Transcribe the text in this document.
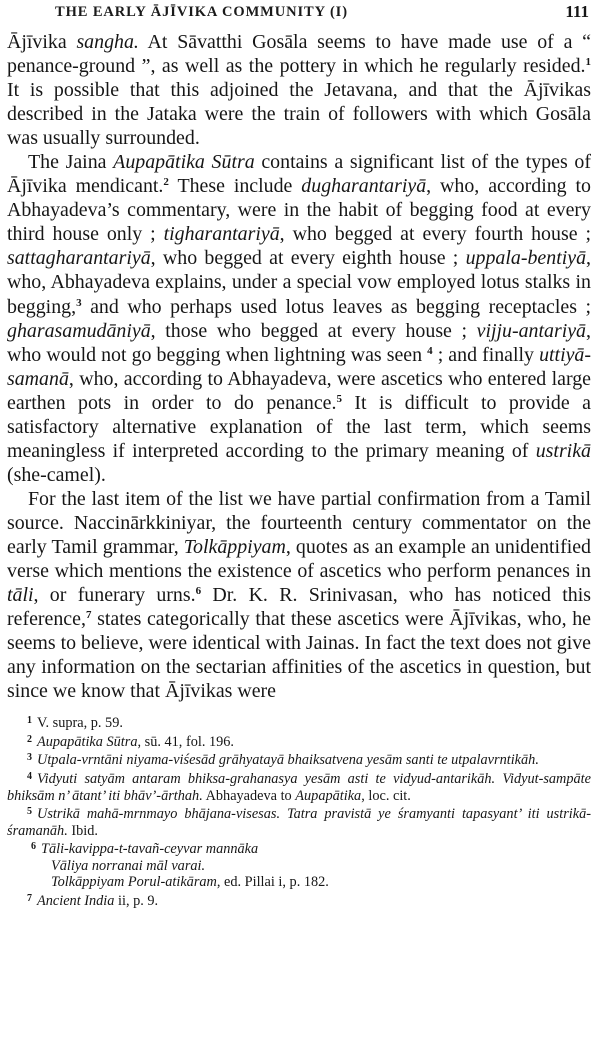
THE EARLY ĀJĪVIKA COMMUNITY (I)	111

Ājīvika sangha. At Sāvatthi Gosāla seems to have made use of a “ penance-ground ”, as well as the pottery in which he regularly resided.$^1$ It is possible that this adjoined the Jetavana, and that the Ājīvikas described in the Jataka were the train of followers with which Gosāla was usually surrounded.

The Jaina Aupapātika Sūtra contains a significant list of the types of Ājīvika mendicant.$^2$ These include dugharantariyā, who, according to Abhayadeva’s commentary, were in the habit of begging food at every third house only ; tigharantariyā, who begged at every fourth house ; sattagharantariyā, who begged at every eighth house ; uppala-bentiyā, who, Abhayadeva explains, under a special vow employed lotus stalks in begging,$^3$ and who perhaps used lotus leaves as begging receptacles ; gharasamudāniyā, those who begged at every house ; vijju-antariyā, who would not go begging when lightning was seen $^4$ ; and finally uttiyā-samanā, who, according to Abhayadeva, were ascetics who entered large earthen pots in order to do penance.$^5$ It is difficult to provide a satisfactory alternative explanation of the last term, which seems meaningless if interpreted according to the primary meaning of ustrikā (she-camel).

For the last item of the list we have partial confirmation from a Tamil source. Naccinārkkiniyar, the fourteenth century commentator on the early Tamil grammar, Tolkāppiyam, quotes as an example an unidentified verse which mentions the existence of ascetics who perform penances in tāli, or funerary urns.$^6$ Dr. K. R. Srinivasan, who has noticed this reference,$^7$ states categorically that these ascetics were Ājīvikas, who, he seems to believe, were identical with Jainas. In fact the text does not give any information on the sectarian affinities of the ascetics in question, but since we know that Ājīvikas were

1 V. supra, p. 59.
2 Aupapātika Sūtra, sū. 41, fol. 196.
3 Utpala-vrntāni niyama-viśesād grāhyatayā bhaiksatvena yesām santi te utpalavrntikāh.
4 Vidyuti satyām antaram bhiksa-grahanasya yesām asti te vidyud-antarikāh. Vidyut-sampāte bhiksām n’ ātant’ iti bhāv’-ārthah. Abhayadeva to Aupapātika, loc. cit.
5 Ustrikā mahā-mrnmayo bhājana-visesas. Tatra pravistā ye śramyanti tapasyant’ iti ustrikā-śramanāh. Ibid.
6 Tāli-kavippa-t-tavañ-ceyvar mannāka
Vāliya norranai māl varai.
Tolkāppiyam Porul-atikāram, ed. Pillai i, p. 182.
7 Ancient India ii, p. 9.
